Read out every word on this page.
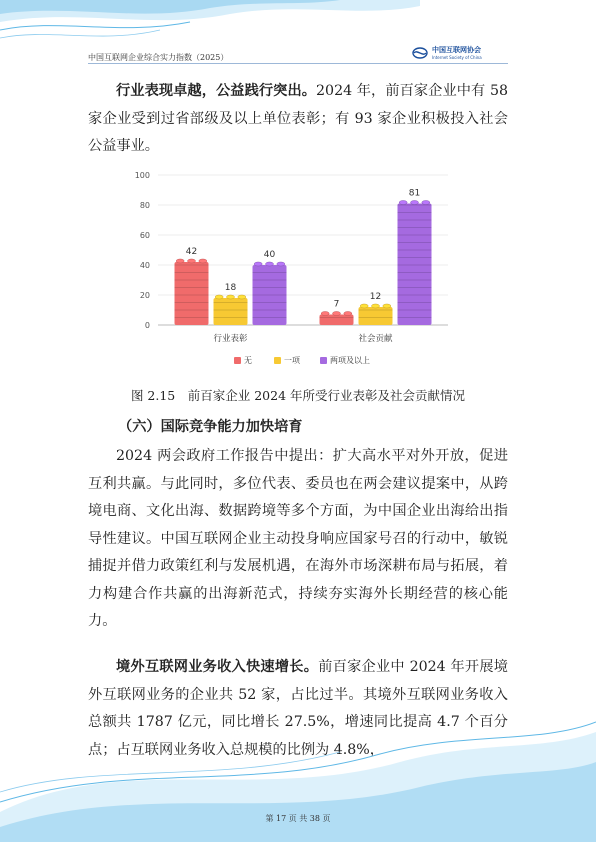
中国互联网企业综合实力指数（2025）
中国互联网协会
Internet Society of China

行业表现卓越，公益践行突出。2024 年，前百家企业中有 58 家企业受到过省部级及以上单位表彰；有 93 家企业积极投入社会公益事业。

0
20
40
60
80
100
42
18
40
行业表彰
7
12
81
社会贡献
无	一项	两项及以上
图 2.15　前百家企业 2024 年所受行业表彰及社会贡献情况
（六）国际竞争能力加快培育

2024 两会政府工作报告中提出：扩大高水平对外开放，促进互利共赢。与此同时，多位代表、委员也在两会建议提案中，从跨境电商、文化出海、数据跨境等多个方面，为中国企业出海给出指导性建议。中国互联网企业主动投身响应国家号召的行动中，敏锐捕捉并借力政策红利与发展机遇，在海外市场深耕布局与拓展，着力构建合作共赢的出海新范式，持续夯实海外长期经营的核心能力。

境外互联网业务收入快速增长。前百家企业中 2024 年开展境外互联网业务的企业共 52 家，占比过半。其境外互联网业务收入总额共 1787 亿元，同比增长 27.5%，增速同比提高 4.7 个百分点；占互联网业务收入总规模的比例为 4.8%，

第 17 页 共 38 页
